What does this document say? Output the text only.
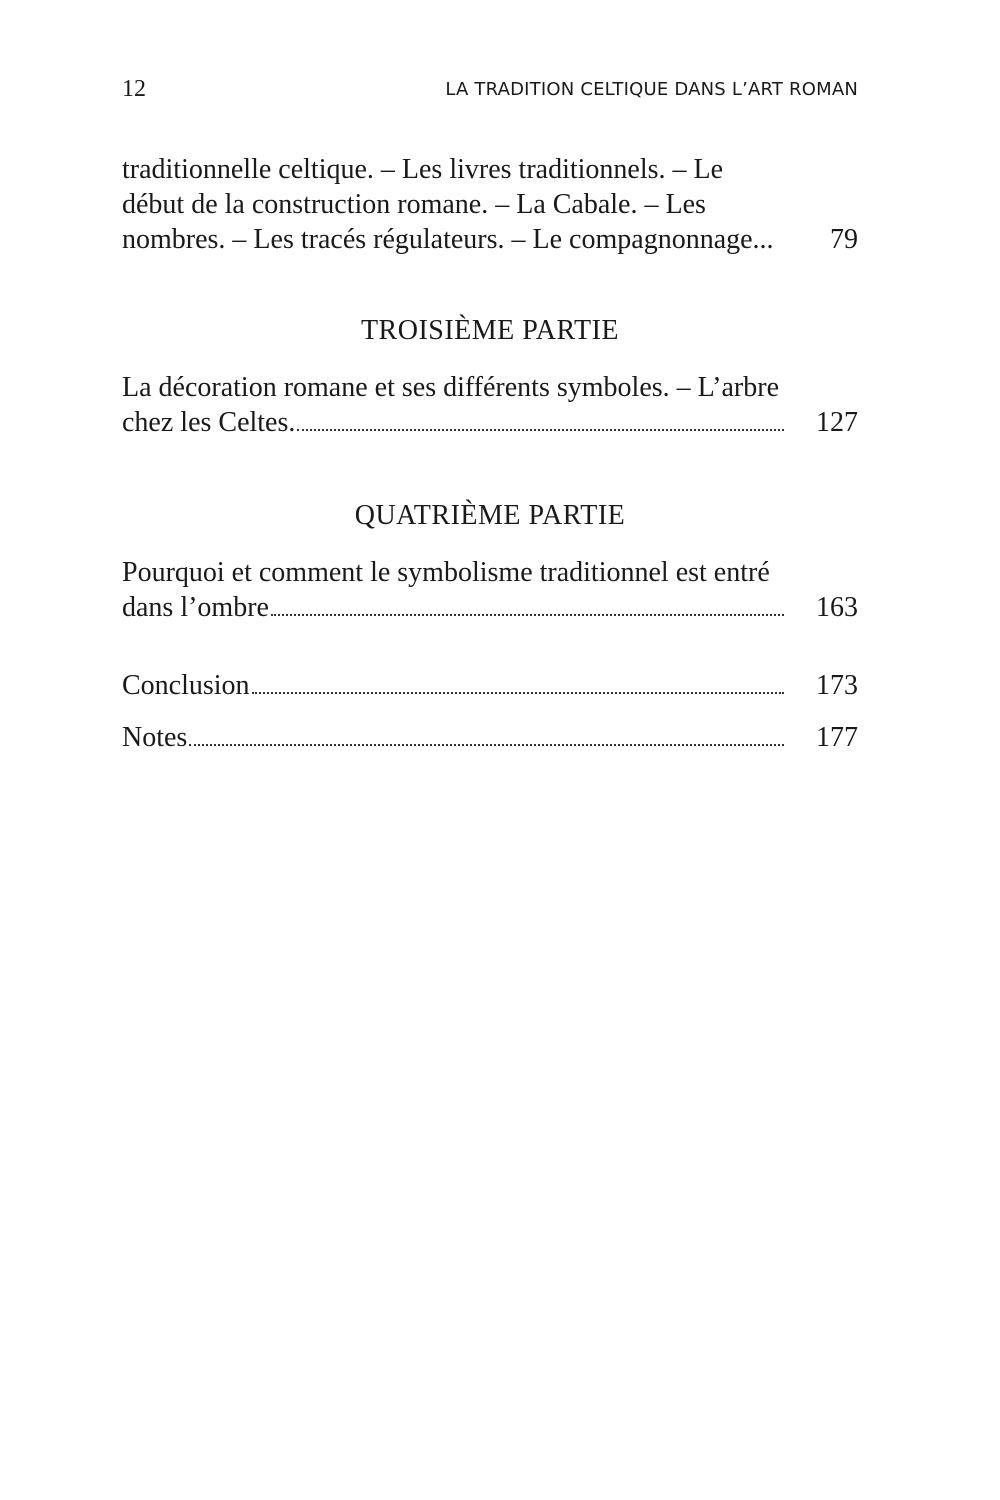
12	LA TRADITION CELTIQUE DANS L’ART ROMAN
traditionnelle celtique. – Les livres traditionnels. – Le
début de la construction romane. – La Cabale. – Les
nombres. – Les tracés régulateurs. – Le compagnonnage...	79
TROISIÈME PARTIE
La décoration romane et ses différents symboles. – L’arbre
chez les Celtes.	127
QUATRIÈME PARTIE
Pourquoi et comment le symbolisme traditionnel est entré
dans l’ombre	163
Conclusion	173
Notes	177
